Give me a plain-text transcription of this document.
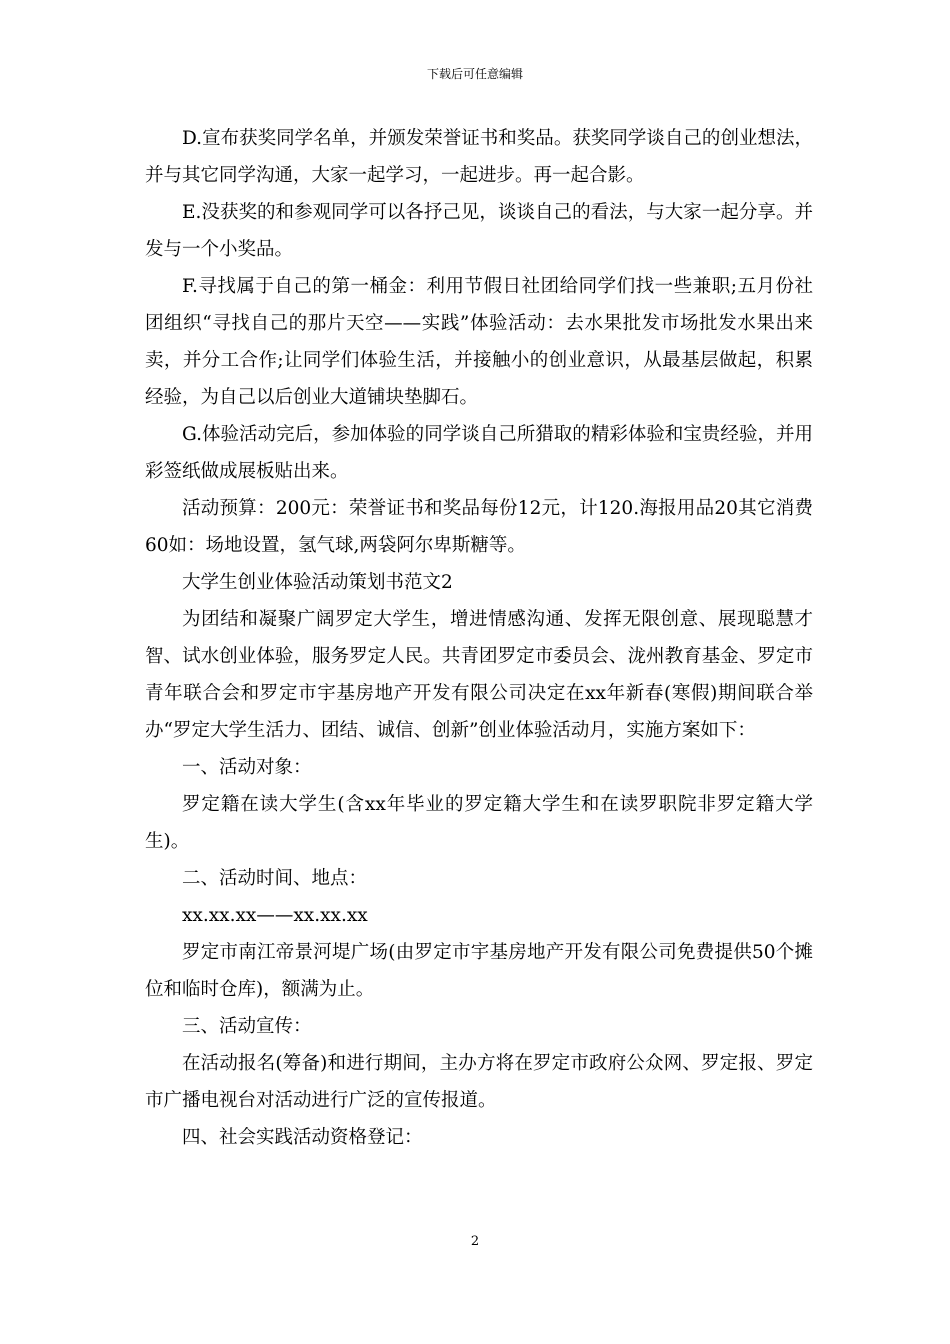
下载后可任意编辑

D.宣布获奖同学名单，并颁发荣誉证书和奖品。获奖同学谈自己的创业想法，并与其它同学沟通，大家一起学习，一起进步。再一起合影。

E.没获奖的和参观同学可以各抒己见，谈谈自己的看法，与大家一起分享。并发与一个小奖品。

F.寻找属于自己的第一桶金：利用节假日社团给同学们找一些兼职;五月份社团组织“寻找自己的那片天空——实践”体验活动：去水果批发市场批发水果出来卖，并分工合作;让同学们体验生活，并接触小的创业意识，从最基层做起，积累经验，为自己以后创业大道铺块垫脚石。

G.体验活动完后，参加体验的同学谈自己所猎取的精彩体验和宝贵经验，并用彩签纸做成展板贴出来。

活动预算：200元：荣誉证书和奖品每份12元，计120.海报用品20其它消费60如：场地设置，氢气球,两袋阿尔卑斯糖等。

大学生创业体验活动策划书范文2

为团结和凝聚广阔罗定大学生，增进情感沟通、发挥无限创意、展现聪慧才智、试水创业体验，服务罗定人民。共青团罗定市委员会、泷州教育基金、罗定市青年联合会和罗定市宇基房地产开发有限公司决定在xx年新春(寒假)期间联合举办“罗定大学生活力、团结、诚信、创新”创业体验活动月，实施方案如下：

一、活动对象：

罗定籍在读大学生(含xx年毕业的罗定籍大学生和在读罗职院非罗定籍大学生)。

二、活动时间、地点：

xx.xx.xx——xx.xx.xx

罗定市南江帝景河堤广场(由罗定市宇基房地产开发有限公司免费提供50个摊位和临时仓库)，额满为止。

三、活动宣传：

在活动报名(筹备)和进行期间，主办方将在罗定市政府公众网、罗定报、罗定市广播电视台对活动进行广泛的宣传报道。

四、社会实践活动资格登记：

2
